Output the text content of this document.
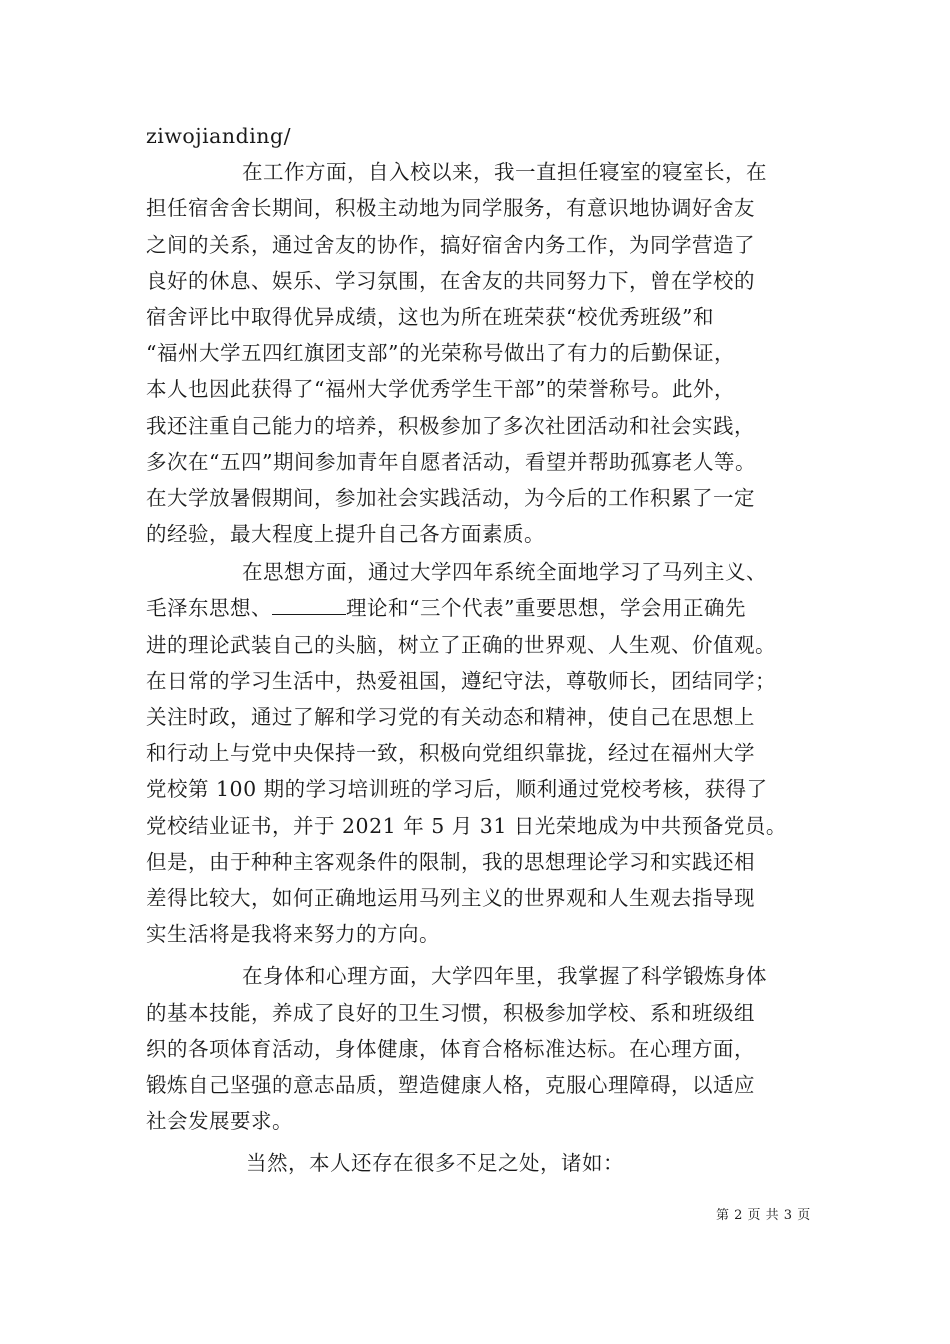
ziwojianding/
在工作方面，自入校以来，我一直担任寝室的寝室长，在
担任宿舍舍长期间，积极主动地为同学服务，有意识地协调好舍友
之间的关系，通过舍友的协作，搞好宿舍内务工作，为同学营造了
良好的休息、娱乐、学习氛围，在舍友的共同努力下，曾在学校的
宿舍评比中取得优异成绩，这也为所在班荣获“校优秀班级”和
“福州大学五四红旗团支部”的光荣称号做出了有力的后勤保证，
本人也因此获得了“福州大学优秀学生干部”的荣誉称号。此外，
我还注重自己能力的培养，积极参加了多次社团活动和社会实践，
多次在“五四”期间参加青年自愿者活动，看望并帮助孤寡老人等。
在大学放暑假期间，参加社会实践活动，为今后的工作积累了一定
的经验，最大程度上提升自己各方面素质。
在思想方面，通过大学四年系统全面地学习了马列主义、
毛泽东思想、	理论和“三个代表”重要思想，学会用正确先
进的理论武装自己的头脑，树立了正确的世界观、人生观、价值观。
在日常的学习生活中，热爱祖国，遵纪守法，尊敬师长，团结同学；
关注时政，通过了解和学习党的有关动态和精神，使自己在思想上
和行动上与党中央保持一致，积极向党组织靠拢，经过在福州大学
党校第 100 期的学习培训班的学习后，顺利通过党校考核，获得了
党校结业证书，并于 2021 年 5 月 31 日光荣地成为中共预备党员。
但是，由于种种主客观条件的限制，我的思想理论学习和实践还相
差得比较大，如何正确地运用马列主义的世界观和人生观去指导现
实生活将是我将来努力的方向。
在身体和心理方面，大学四年里，我掌握了科学锻炼身体
的基本技能，养成了良好的卫生习惯，积极参加学校、系和班级组
织的各项体育活动，身体健康，体育合格标准达标。在心理方面，
锻炼自己坚强的意志品质，塑造健康人格，克服心理障碍，以适应
社会发展要求。
当然，本人还存在很多不足之处，诸如：
第 2 页 共 3 页
